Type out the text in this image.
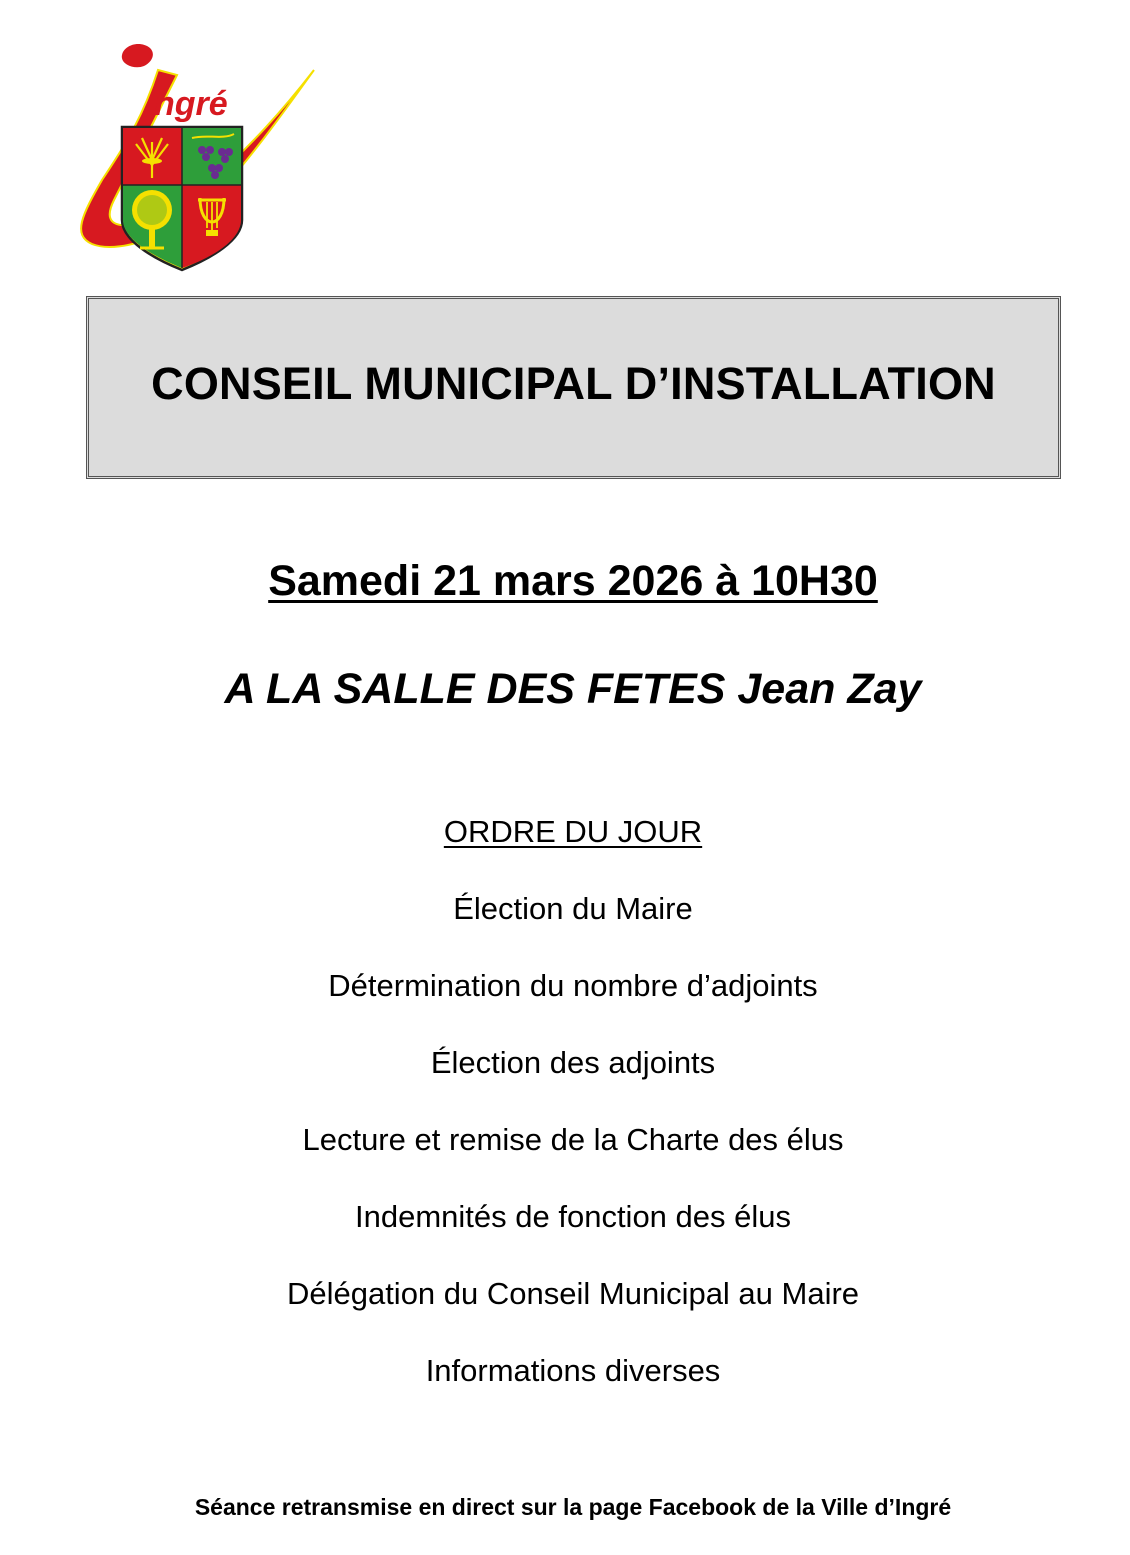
ngré
CONSEIL MUNICIPAL D’INSTALLATION
Samedi 21 mars 2026 à 10H30
A LA SALLE DES FETES Jean Zay
ORDRE DU JOUR
Élection du Maire
Détermination du nombre d’adjoints
Élection des adjoints
Lecture et remise de la Charte des élus
Indemnités de fonction des élus
Délégation du Conseil Municipal au Maire
Informations diverses
Séance retransmise en direct sur la page Facebook de la Ville d’Ingré
